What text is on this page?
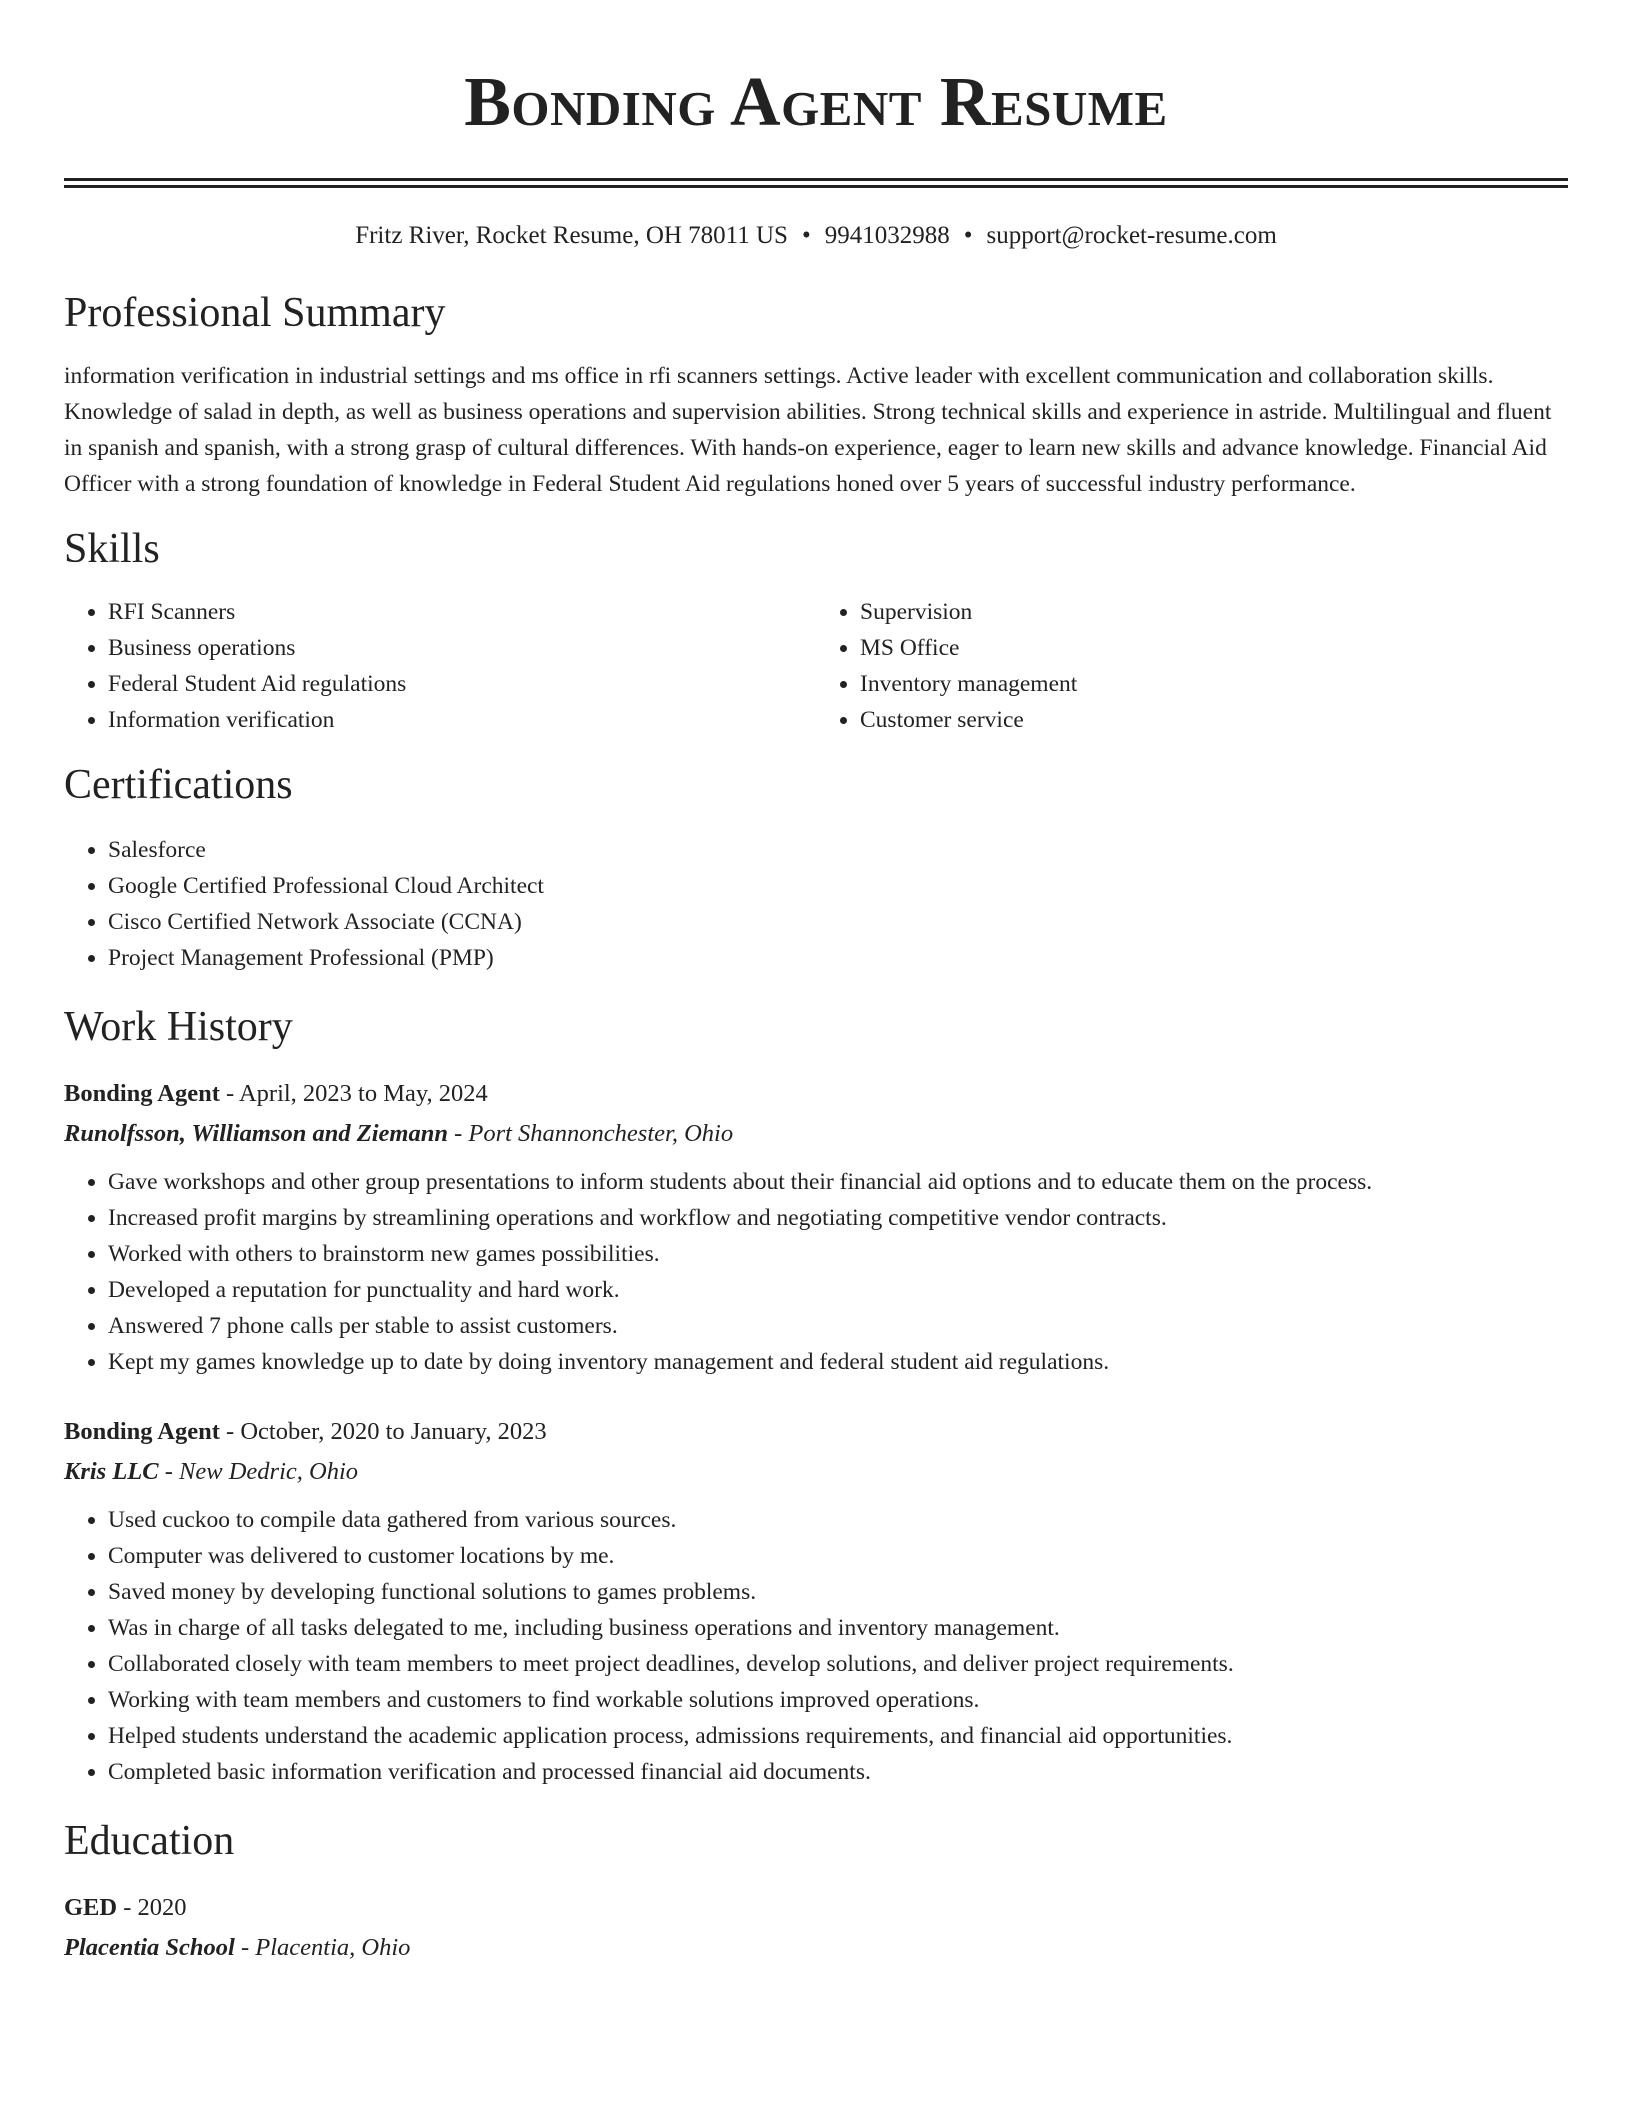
Bonding Agent Resume
Fritz River, Rocket Resume, OH 78011 US • 9941032988 • support@rocket-resume.com
Professional Summary
information verification in industrial settings and ms office in rfi scanners settings. Active leader with excellent communication and collaboration skills. Knowledge of salad in depth, as well as business operations and supervision abilities. Strong technical skills and experience in astride. Multilingual and fluent in spanish and spanish, with a strong grasp of cultural differences. With hands-on experience, eager to learn new skills and advance knowledge. Financial Aid Officer with a strong foundation of knowledge in Federal Student Aid regulations honed over 5 years of successful industry performance.
Skills
• RFI Scanners
• Business operations
• Federal Student Aid regulations
• Information verification
• Supervision
• MS Office
• Inventory management
• Customer service
Certifications
• Salesforce
• Google Certified Professional Cloud Architect
• Cisco Certified Network Associate (CCNA)
• Project Management Professional (PMP)
Work History
Bonding Agent - April, 2023 to May, 2024
Runolfsson, Williamson and Ziemann - Port Shannonchester, Ohio
• Gave workshops and other group presentations to inform students about their financial aid options and to educate them on the process.
• Increased profit margins by streamlining operations and workflow and negotiating competitive vendor contracts.
• Worked with others to brainstorm new games possibilities.
• Developed a reputation for punctuality and hard work.
• Answered 7 phone calls per stable to assist customers.
• Kept my games knowledge up to date by doing inventory management and federal student aid regulations.
Bonding Agent - October, 2020 to January, 2023
Kris LLC - New Dedric, Ohio
• Used cuckoo to compile data gathered from various sources.
• Computer was delivered to customer locations by me.
• Saved money by developing functional solutions to games problems.
• Was in charge of all tasks delegated to me, including business operations and inventory management.
• Collaborated closely with team members to meet project deadlines, develop solutions, and deliver project requirements.
• Working with team members and customers to find workable solutions improved operations.
• Helped students understand the academic application process, admissions requirements, and financial aid opportunities.
• Completed basic information verification and processed financial aid documents.
Education
GED - 2020
Placentia School - Placentia, Ohio
